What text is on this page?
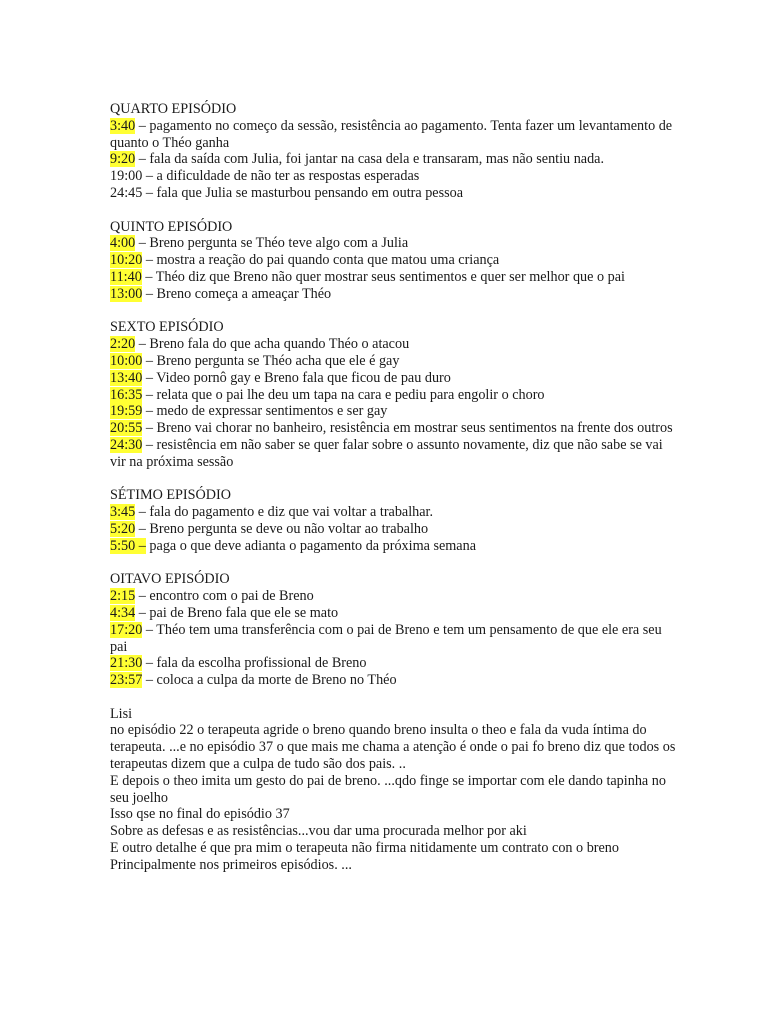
QUARTO EPISÓDIO
3:40 – pagamento no começo da sessão, resistência ao pagamento. Tenta fazer um levantamento de quanto o Théo ganha
9:20 – fala da saída com Julia, foi jantar na casa dela e transaram, mas não sentiu nada.
19:00 – a dificuldade de não ter as respostas esperadas
24:45 – fala que Julia se masturbou pensando em outra pessoa
QUINTO EPISÓDIO
4:00 – Breno pergunta se Théo teve algo com a Julia
10:20 – mostra a reação do pai quando conta que matou uma criança
11:40 – Théo diz que Breno não quer mostrar seus sentimentos e quer ser melhor que o pai
13:00 – Breno começa a ameaçar Théo
SEXTO EPISÓDIO
2:20 – Breno fala do que acha quando Théo o atacou
10:00 – Breno pergunta se Théo acha que ele é gay
13:40 – Video pornô gay e Breno fala que ficou de pau duro
16:35 – relata que o pai lhe deu um tapa na cara e pediu para engolir o choro
19:59 – medo de expressar sentimentos e ser gay
20:55 – Breno vai chorar no banheiro, resistência em mostrar seus sentimentos na frente dos outros
24:30 – resistência em não saber se quer falar sobre o assunto novamente, diz que não sabe se vai vir na próxima sessão
SÉTIMO EPISÓDIO
3:45 – fala do pagamento e diz que vai voltar a trabalhar.
5:20 – Breno pergunta se deve ou não voltar ao trabalho
5:50 – paga o que deve adianta o pagamento da próxima semana
OITAVO EPISÓDIO
2:15 – encontro com o pai de Breno
4:34 – pai de Breno fala que ele se mato
17:20 – Théo tem uma transferência com o pai de Breno e tem um pensamento de que ele era seu pai
21:30 – fala da escolha profissional de Breno
23:57 – coloca a culpa da morte de Breno no Théo
Lisi
no episódio 22 o terapeuta agride o breno quando breno insulta o theo e fala da vuda íntima do terapeuta. ...e no episódio 37 o que mais me chama a atenção é onde o pai fo breno diz que todos os terapeutas dizem que a culpa de tudo são dos pais. ..
E depois o theo imita um gesto do pai de breno. ...qdo finge se importar com ele dando tapinha no seu joelho
Isso qse no final do episódio 37
Sobre as defesas e as resistências...vou dar uma procurada melhor por aki
E outro detalhe é que pra mim o terapeuta não firma nitidamente um contrato con o breno
Principalmente nos primeiros episódios. ...
